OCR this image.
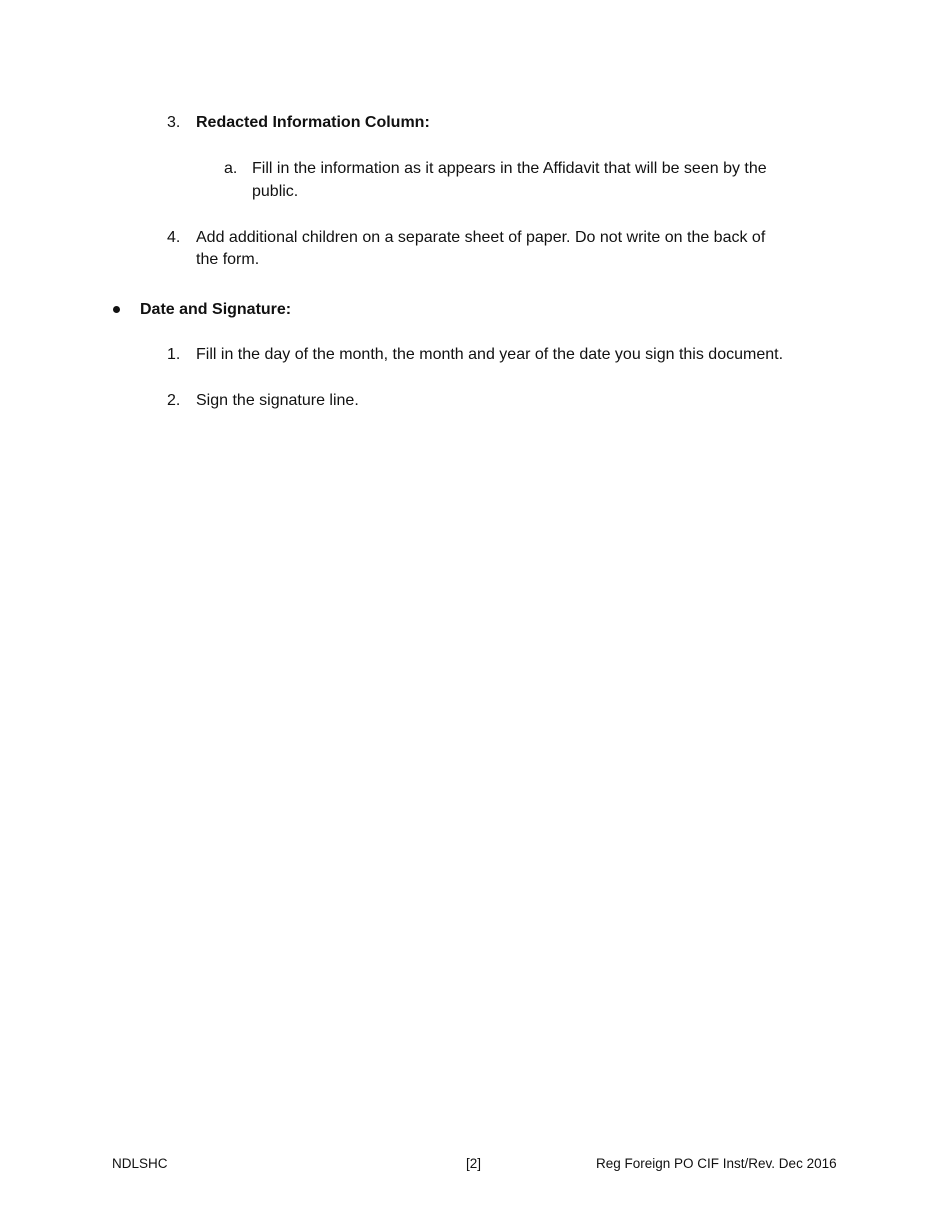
3. Redacted Information Column:
a. Fill in the information as it appears in the Affidavit that will be seen by the
public.
4. Add additional children on a separate sheet of paper. Do not write on the back of
the form.
Date and Signature:
1. Fill in the day of the month, the month and year of the date you sign this document.
2. Sign the signature line.
NDLSHC	[2]	Reg Foreign PO CIF Inst/Rev. Dec 2016
